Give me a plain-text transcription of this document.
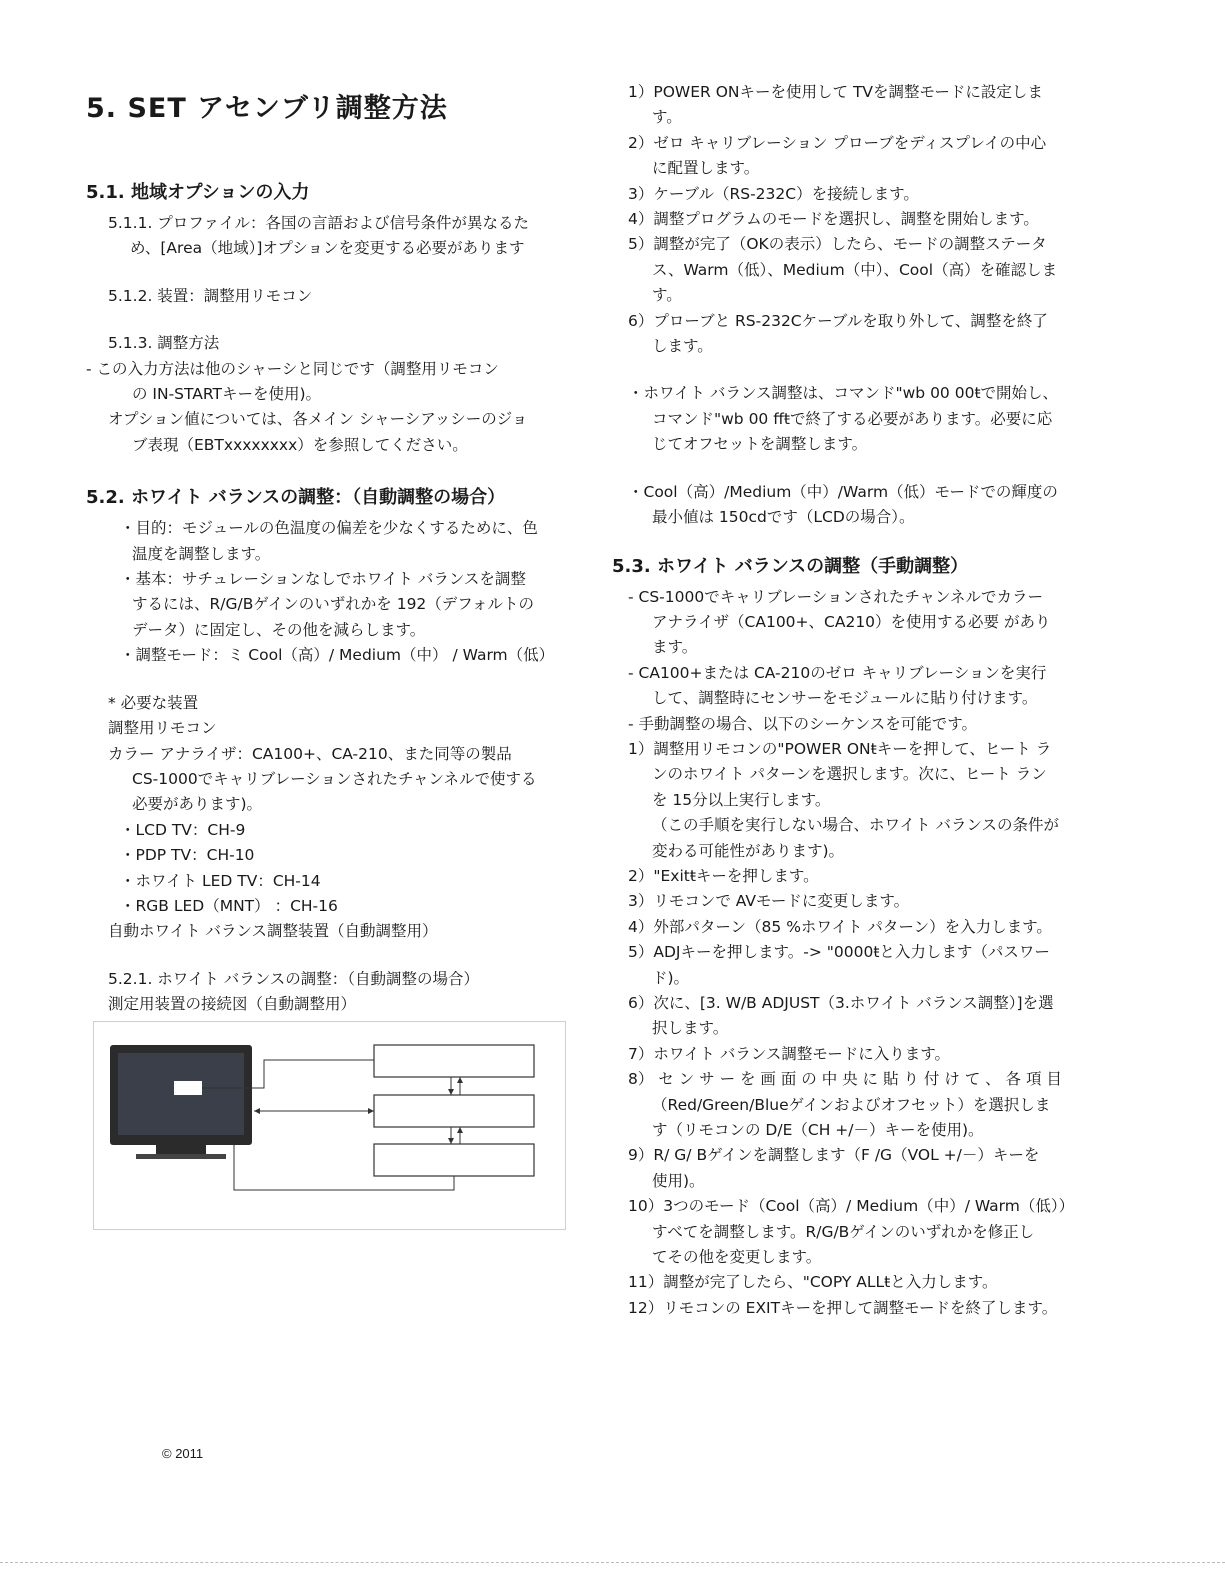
5. SET アセンブリ調整方法
5.1. 地域オプションの入力
5.1.1. プロファイル：各国の言語および信号条件が異なるた
め、[Area（地域）]オプションを変更する必要があります
5.1.2. 装置：調整用リモコン
5.1.3. 調整方法
- この入力方法は他のシャーシと同じです（調整用リモコン
の IN-STARTキーを使用)。
オプション値については、各メイン シャーシアッシーのジョ
ブ表現（EBTxxxxxxxx）を参照してください。
5.2. ホワイト バランスの調整：（自動調整の場合）
・目的：モジュールの色温度の偏差を少なくするために、色
温度を調整します。
・基本：サチュレーションなしでホワイト バランスを調整
するには、R/G/Bゲインのいずれかを 192（デフォルトの
データ）に固定し、その他を減らします。
・調整モード：ミ Cool（高）/ Medium（中） / Warm（低）
* 必要な装置
調整用リモコン
カラー アナライザ：CA100+、CA-210、また同等の製品
CS-1000でキャリブレーションされたチャンネルで使する
必要があります)。
・LCD TV：CH-9
・PDP TV：CH-10
・ホワイト LED TV：CH-14
・RGB LED（MNT） ：CH-16
自動ホワイト バランス調整装置（自動調整用）
5.2.1. ホワイト バランスの調整：（自動調整の場合）
測定用装置の接続図（自動調整用）
1）POWER ONキーを使用して TVを調整モードに設定しま
す。
2）ゼロ キャリブレーション プローブをディスプレイの中心
に配置します。
3）ケーブル（RS-232C）を接続します。
4）調整プログラムのモードを選択し、調整を開始します。
5）調整が完了（OKの表示）したら、モードの調整ステータ
ス、Warm（低）、Medium（中）、Cool（高）を確認しま
す。
6）プローブと RS-232Cケーブルを取り外して、調整を終了
します。
・ホワイト バランス調整は、コマンド"wb 00 00ŧで開始し、
コマンド"wb 00 ffŧで終了する必要があります。必要に応
じてオフセットを調整します。
・Cool（高）/Medium（中）/Warm（低）モードでの輝度の
最小値は 150cdです（LCDの場合）。
5.3. ホワイト バランスの調整（手動調整）
- CS-1000でキャリブレーションされたチャンネルでカラー
アナライザ（CA100+、CA210）を使用する必要 があり
ます。
- CA100+または CA-210のゼロ キャリブレーションを実行
して、調整時にセンサーをモジュールに貼り付けます。
- 手動調整の場合、以下のシーケンスを可能です。
1）調整用リモコンの"POWER ONŧキーを押して、ヒート ラ
ンのホワイト パターンを選択します。次に、ヒート ラン
を 15分以上実行します。
（この手順を実行しない場合、ホワイト バランスの条件が
変わる可能性があります)。
2）"Exitŧキーを押します。
3）リモコンで AVモードに変更します。
4）外部パターン（85 %ホワイト パターン）を入力します。
5）ADJキーを押します。-> "0000ŧと入力します（パスワー
ド)。
6）次に、[3. W/B ADJUST（3.ホワイト バランス調整）]を選
択します。
7）ホワイト バランス調整モードに入ります。
8） セ ン サ ー を 画 面 の 中 央 に 貼 り 付 け て 、 各 項 目
（Red/Green/Blueゲインおよびオフセット）を選択しま
す（リモコンの D/E（CH +/－）キーを使用)。
9）R/ G/ Bゲインを調整します（F /G（VOL +/－）キーを
使用)。
10）3つのモード（Cool（高）/ Medium（中）/ Warm（低））
すべてを調整します。R/G/Bゲインのいずれかを修正し
てその他を変更します。
11）調整が完了したら、"COPY ALLŧと入力します。
12）リモコンの EXITキーを押して調整モードを終了します。
© 2011
